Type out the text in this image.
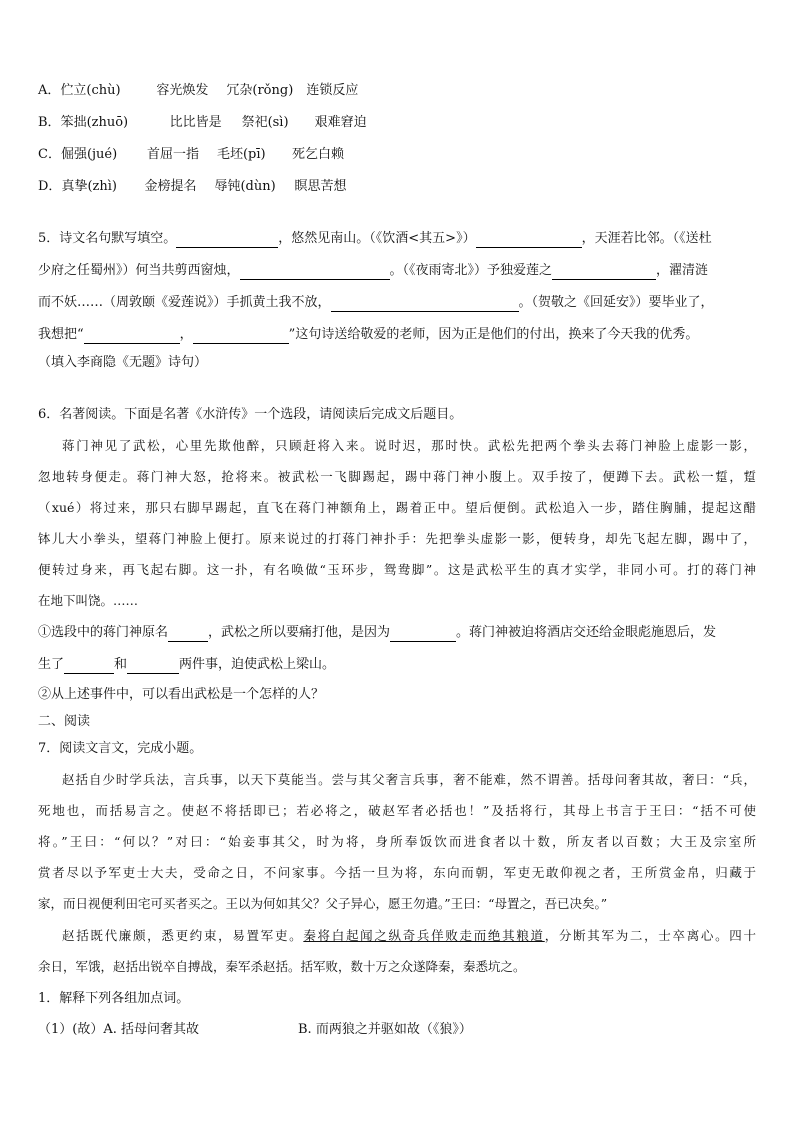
A．伫立(chù)	容光焕发 冗杂(rǒng) 连锁反应
B．笨拙(zhuō)	比比皆是 祭祀(sì) 艰难窘迫
C．倔强(jué) 首屈一指 毛坯(pī) 死乞白赖
D．真挚(zhì) 金榜提名 辱钝(dùn) 瞑思苦想
5．诗文名句默写填空。	，悠然见南山。（《饮酒<其五>》）	，天涯若比邻。（《送杜
少府之任蜀州》）何当共剪西窗烛，	。（《夜雨寄北》）予独爱莲之	，濯清涟
而不妖……（周敦颐《爱莲说》）手抓黄土我不放，	。（贺敬之《回延安》）要毕业了，
我想把“	，	”这句诗送给敬爱的老师，因为正是他们的付出，换来了今天我的优秀。
（填入李商隐《无题》诗句）
6．名著阅读。下面是名著《水浒传》一个选段，请阅读后完成文后题目。
蒋门神见了武松，心里先欺他醉，只顾赶将入来。说时迟，那时快。武松先把两个拳头去蒋门神脸上虚影一影，
忽地转身便走。蒋门神大怒，抢将来。被武松一飞脚踢起，踢中蒋门神小腹上。双手按了，便蹲下去。武松一踅，踅
（xué）将过来，那只右脚早踢起，直飞在蒋门神额角上，踢着正中。望后便倒。武松追入一步，踏住胸脯，提起这醋
钵儿大小拳头，望蒋门神脸上便打。原来说过的打蒋门神扑手：先把拳头虚影一影，便转身，却先飞起左脚，踢中了，
便转过身来，再飞起右脚。这一扑，有名唤做“玉环步，鸳鸯脚”。这是武松平生的真才实学，非同小可。打的蒋门神
在地下叫饶。……
①选段中的蒋门神原名	，武松之所以要痛打他，是因为	。蒋门神被迫将酒店交还给金眼彪施恩后，发
生了	和	两件事，迫使武松上梁山。
②从上述事件中，可以看出武松是一个怎样的人？
二、阅读
7．阅读文言文，完成小题。
赵括自少时学兵法，言兵事，以天下莫能当。尝与其父奢言兵事，奢不能难，然不谓善。括母问奢其故，奢曰：“兵，
死地也，而括易言之。使赵不将括即已；若必将之，破赵军者必括也！”及括将行，其母上书言于王曰：“括不可使
将。”王曰：“何以？”对曰：“始妾事其父，时为将，身所奉饭饮而进食者以十数，所友者以百数；大王及宗室所
赏者尽以予军吏士大夫，受命之日，不问家事。今括一旦为将，东向而朝，军吏无敢仰视之者，王所赏金帛，归藏于
家，而日视便利田宅可买者买之。王以为何如其父？父子异心，愿王勿遣。”王曰：“母置之，吾已决矣。”
赵括既代廉颇，悉更约束，易置军吏。秦将白起闻之纵奇兵佯败走而绝其粮道，分断其军为二，士卒离心。四十
余日，军饿，赵括出锐卒自搏战，秦军杀赵括。括军败，数十万之众遂降秦，秦悉坑之。
1．解释下列各组加点词。
（1）(故）A. 括母问奢其故	B. 而两狼之并驱如故（《狼》）
